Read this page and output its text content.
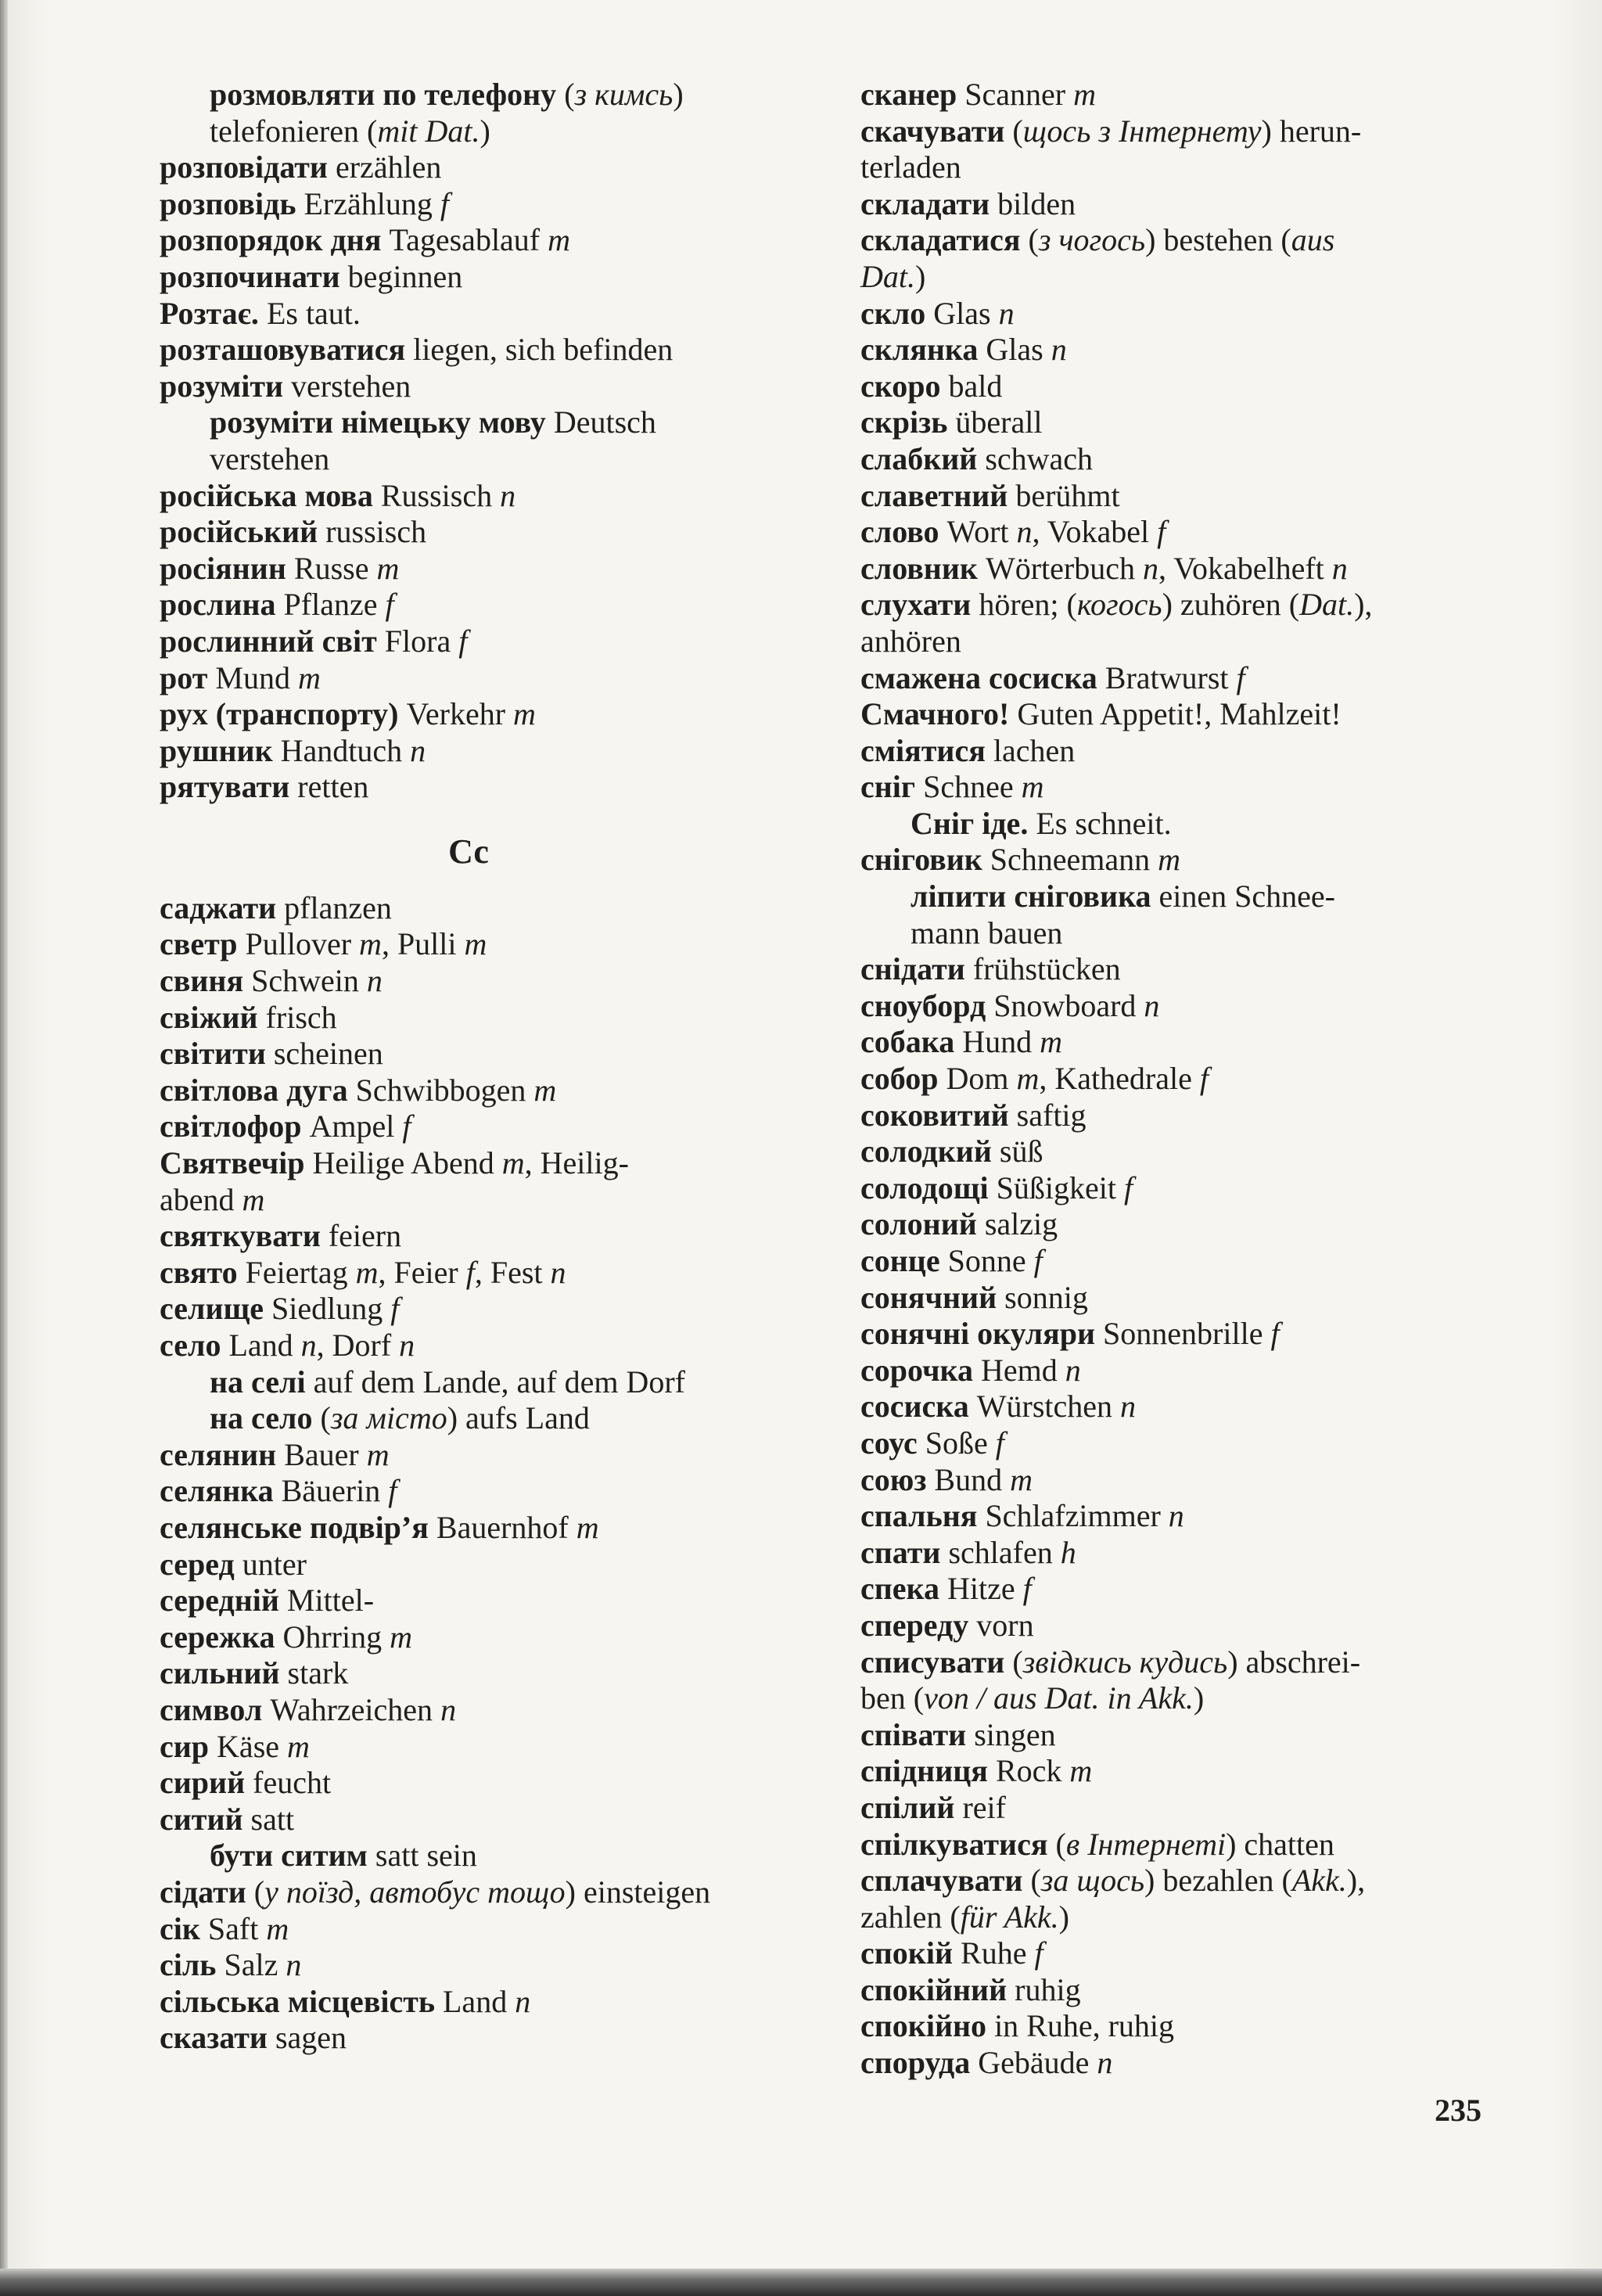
розмовляти по телефону (з кимсь)
telefonieren (mit Dat.)
розповідати erzählen
розповідь Erzählung f
розпорядок дня Tagesablauf m
розпочинати beginnen
Розтає. Es taut.
розташовуватися liegen, sich befinden
розуміти verstehen
розуміти німецьку мову Deutsch
verstehen
російська мова Russisch n
російський russisch
росіянин Russe m
рослина Pflanze f
рослинний світ Flora f
рот Mund m
рух (транспорту) Verkehr m
рушник Handtuch n
рятувати retten
Сс
саджати pflanzen
светр Pullover m, Pulli m
свиня Schwein n
свіжий frisch
світити scheinen
світлова дуга Schwibbogen m
світлофор Ampel f
Святвечір Heilige Abend m, Heilig-
abend m
святкувати feiern
свято Feiertag m, Feier f, Fest n
селище Siedlung f
село Land n, Dorf n
на селі auf dem Lande, auf dem Dorf
на село (за місто) aufs Land
селянин Bauer m
селянка Bäuerin f
селянське подвір’я Bauernhof m
серед unter
середній Mittel-
сережка Ohrring m
сильний stark
символ Wahrzeichen n
сир Käse m
сирий feucht
ситий satt
бути ситим satt sein
сідати (у поїзд, автобус тощо) einsteigen
сік Saft m
сіль Salz n
сільська місцевість Land n
сказати sagen
сканер Scanner m
скачувати (щось з Інтернету) herun-
terladen
складати bilden
складатися (з чогось) bestehen (aus
Dat.)
скло Glas n
склянка Glas n
скоро bald
скрізь überall
слабкий schwach
славетний berühmt
слово Wort n, Vokabel f
словник Wörterbuch n, Vokabelheft n
слухати hören; (когось) zuhören (Dat.),
anhören
смажена сосиска Bratwurst f
Смачного! Guten Appetit!, Mahlzeit!
сміятися lachen
сніг Schnee m
Сніг іде. Es schneit.
сніговик Schneemann m
ліпити сніговика einen Schnee-
mann bauen
снідати frühstücken
сноуборд Snowboard n
собака Hund m
собор Dom m, Kathedrale f
соковитий saftig
солодкий süß
солодощі Süßigkeit f
солоний salzig
сонце Sonne f
сонячний sonnig
сонячні окуляри Sonnenbrille f
сорочка Hemd n
сосиска Würstchen n
соус Soße f
союз Bund m
спальня Schlafzimmer n
спати schlafen h
спека Hitze f
спереду vorn
списувати (звідкись кудись) abschrei-
ben (von / aus Dat. in Akk.)
співати singen
спідниця Rock m
спілий reif
спілкуватися (в Інтернеті) chatten
сплачувати (за щось) bezahlen (Akk.),
zahlen (für Akk.)
спокій Ruhe f
спокійний ruhig
спокійно in Ruhe, ruhig
споруда Gebäude n
235
